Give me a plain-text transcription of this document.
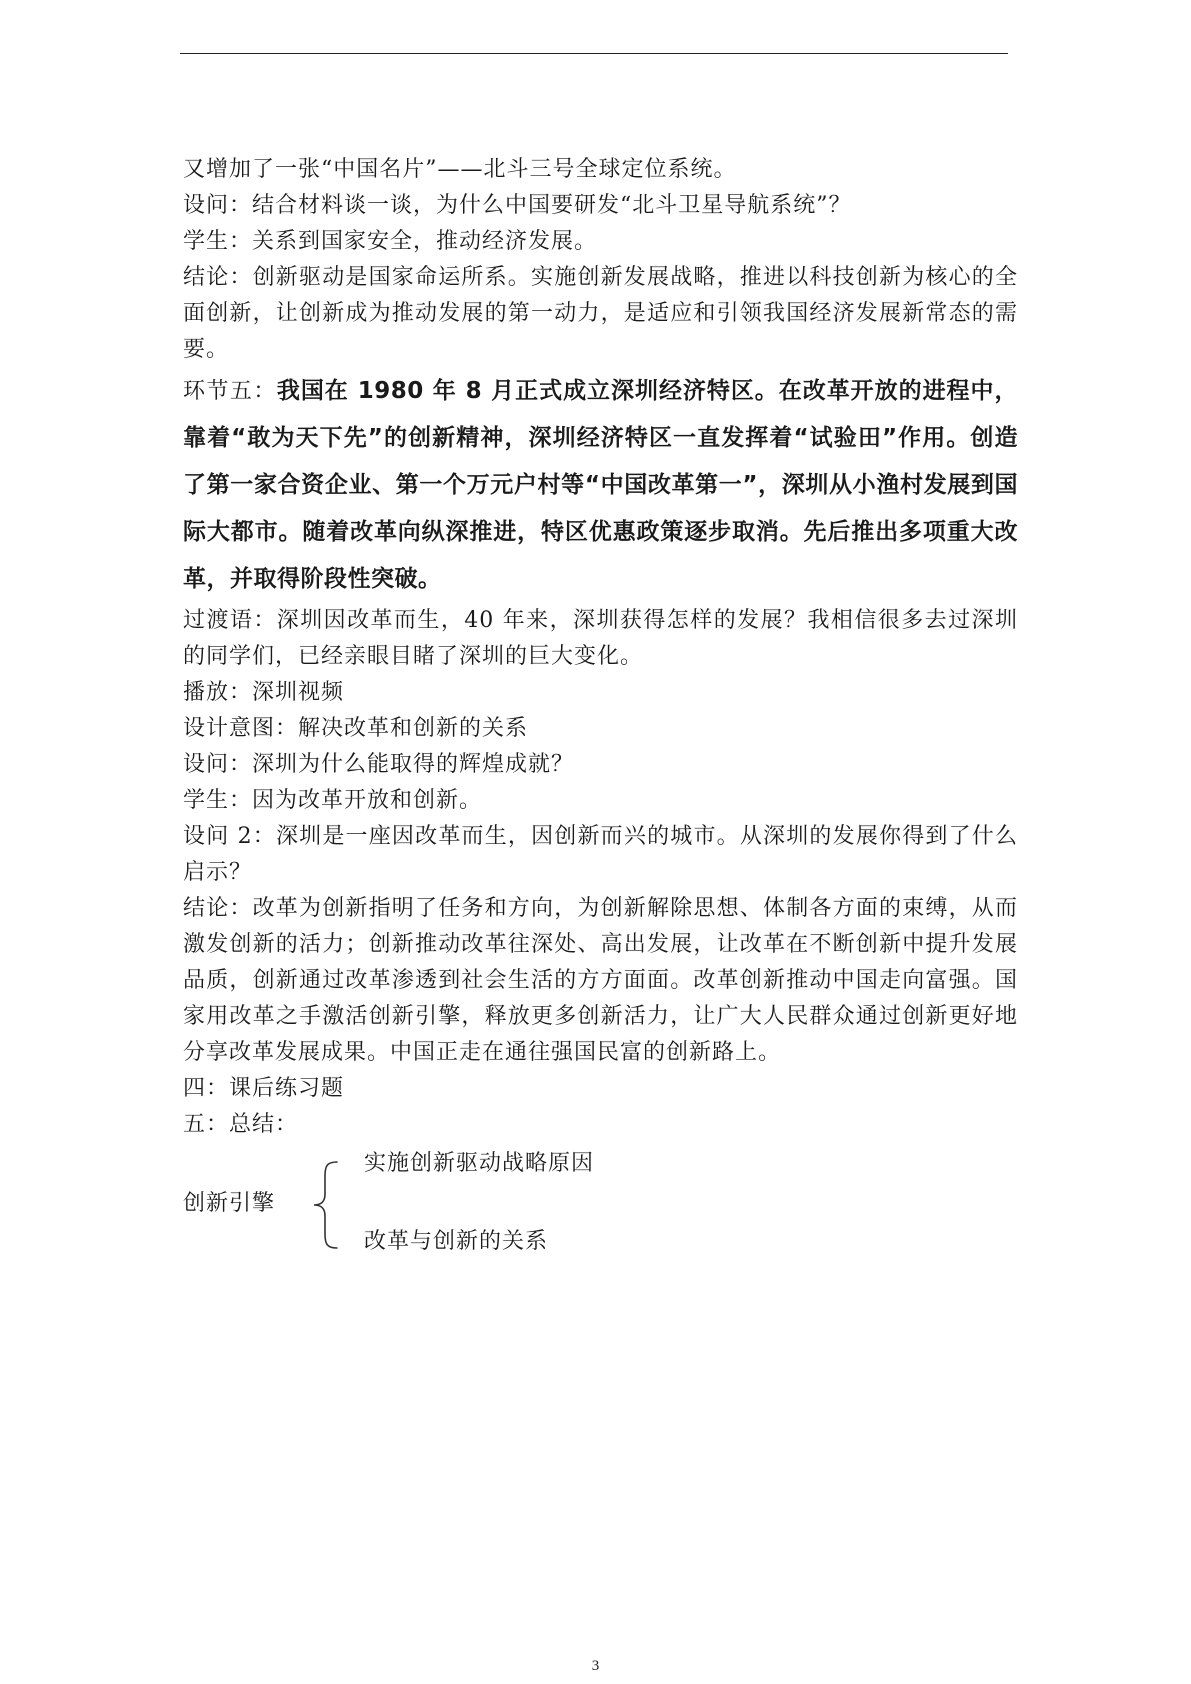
又增加了一张“中国名片”——北斗三号全球定位系统。

设问：结合材料谈一谈，为什么中国要研发“北斗卫星导航系统”？

学生：关系到国家安全，推动经济发展。

结论：创新驱动是国家命运所系。实施创新发展战略，推进以科技创新为核心的全面创新，让创新成为推动发展的第一动力，是适应和引领我国经济发展新常态的需要。

环节五：我国在 1980 年 8 月正式成立深圳经济特区。在改革开放的进程中，靠着“敢为天下先”的创新精神，深圳经济特区一直发挥着“试验田”作用。创造了第一家合资企业、第一个万元户村等“中国改革第一”，深圳从小渔村发展到国际大都市。随着改革向纵深推进，特区优惠政策逐步取消。先后推出多项重大改革，并取得阶段性突破。

过渡语：深圳因改革而生，40 年来，深圳获得怎样的发展？我相信很多去过深圳的同学们，已经亲眼目睹了深圳的巨大变化。

播放：深圳视频

设计意图：解决改革和创新的关系

设问：深圳为什么能取得的辉煌成就？

学生：因为改革开放和创新。

设问 2：深圳是一座因改革而生，因创新而兴的城市。从深圳的发展你得到了什么启示？

结论：改革为创新指明了任务和方向，为创新解除思想、体制各方面的束缚，从而激发创新的活力；创新推动改革往深处、高出发展，让改革在不断创新中提升发展品质，创新通过改革渗透到社会生活的方方面面。改革创新推动中国走向富强。国家用改革之手激活创新引擎，释放更多创新活力，让广大人民群众通过创新更好地分享改革发展成果。中国正走在通往强国民富的创新路上。

四：课后练习题

五：总结：

创新引擎
实施创新驱动战略原因
改革与创新的关系
3
